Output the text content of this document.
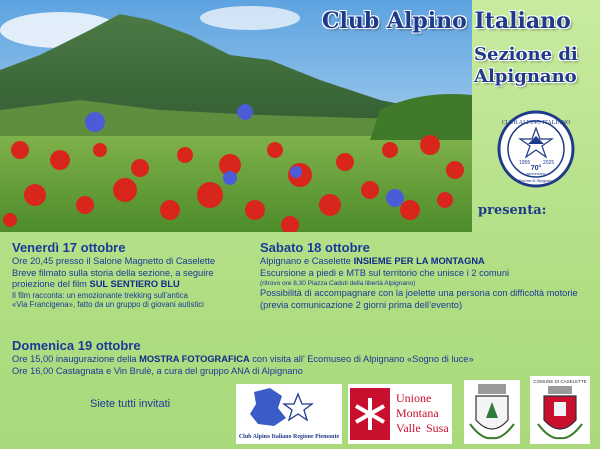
Club Alpino Italiano
Sezione di
Alpignano
CLUB ALPINO ITALIANO
1955	2025
70°
anniversario
Sezione di Alpignano
presenta:
Venerdì 17 ottobre
Ore 20,45 presso il Salone Magnetto di Caselette
Breve filmato sulla storia della sezione, a seguire
proiezione del film SUL SENTIERO BLU
Il film racconta: un emozionante trekking sull’antica
«Via Francigena», fatto da un gruppo di giovani autistici
Sabato 18 ottobre
Alpignano e Caselette INSIEME PER LA MONTAGNA
Escursione a piedi e MTB sul territorio che unisce i 2 comuni
(ritrovo ore 8,30 Piazza Caduti della libertà Alpignano)
Possibilità di accompagnare con la joelette una persona con difficoltà motorie
(previa comunicazione 2 giorni prima dell’evento)
Domenica 19 ottobre
Ore 15,00 inaugurazione della MOSTRA FOTOGRAFICA con visita all’ Ecomuseo di Alpignano «Sogno di luce»
Ore 16,00 Castagnata e Vin Brulè, a cura del gruppo ANA di Alpignano
Siete tutti invitati
Club Alpino Italiano Regione Piemonte
Unione
Montana
Valle Susa
COMUNE DI CASELETTE
